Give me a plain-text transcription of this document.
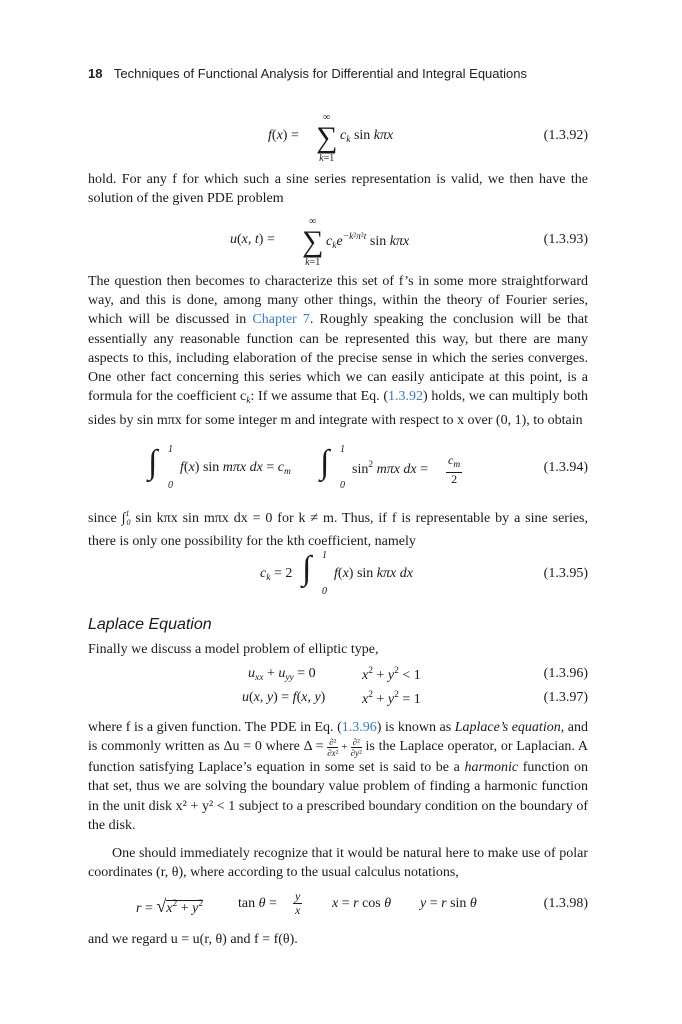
18 Techniques of Functional Analysis for Differential and Integral Equations
f(x) =
∞
∑
k=1
$c_k$ sin kπx	(1.3.92)
hold. For any f for which such a sine series representation is valid, we then have the solution of the given PDE problem
u(x, t) =
∞
∑
k=1
$c_ke^{-k^2\pi^2t}$ sin kπx	(1.3.93)
The question then becomes to characterize this set of f’s in some more straightforward way, and this is done, among many other things, within the theory of Fourier series, which will be discussed in Chapter 7. Roughly speaking the conclusion will be that essentially any reasonable function can be represented this way, but there are many aspects to this, including elaboration of the precise sense in which the series converges. One other fact concerning this series which we can easily anticipate at this point, is a formula for the coefficient $c_k$: If we assume that Eq. (1.3.92) holds, we can multiply both sides by sin mπx for some integer m and integrate with respect to x over (0, 1), to obtain
∫ 1
0
f(x) sin mπx dx = $c_m$ ∫ 1
0
$\sin^2 m\pi x$ dx = $\frac{c_m}{2}$	(1.3.94)
since ∫$^1_0$ sin kπx sin mπx dx = 0 for k ≠ m. Thus, if f is representable by a sine series, there is only one possibility for the kth coefficient, namely
$c_k = 2$ ∫ 1
0
f(x) sin kπx dx	(1.3.95)
Laplace Equation
Finally we discuss a model problem of elliptic type,
$u_{xx} + u_{yy} = 0$	$x^2 + y^2 < 1$	(1.3.96)
u(x, y) = f(x, y)	$x^2 + y^2 = 1$	(1.3.97)
where f is a given function. The PDE in Eq. (1.3.96) is known as Laplace’s equation, and is commonly written as Δu = 0 where $\Delta = \frac{\text{∂²}}{\text{∂x²}} + \frac{\text{∂²}}{\text{∂y²}}$ is the Laplace operator, or Laplacian. A function satisfying Laplace’s equation in some set is said to be a harmonic function on that set, thus we are solving the boundary value problem of finding a harmonic function in the unit disk x² + y² < 1 subject to a prescribed boundary condition on the boundary of the disk.
One should immediately recognize that it would be natural here to make use of polar coordinates (r, θ), where according to the usual calculus notations,
$r = √x^2 + y^2$ $\tan \theta = \frac{y}{x}$ x = r cos θ y = r sin θ	(1.3.98)
and we regard u = u(r, θ) and f = f(θ).
